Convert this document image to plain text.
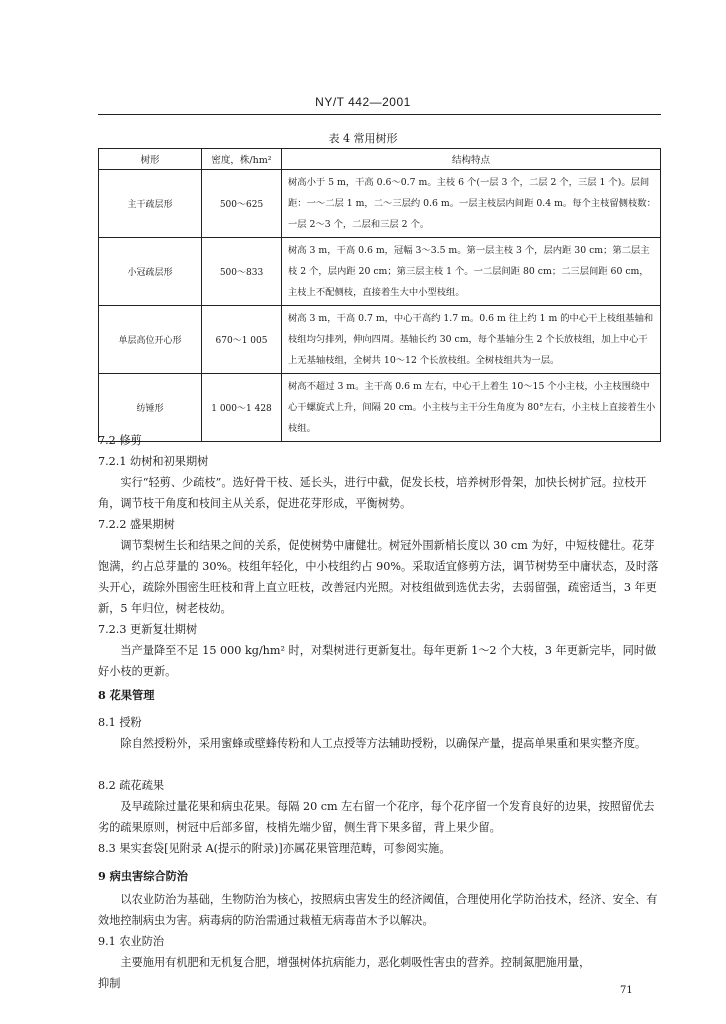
NY/T 442—2001
表 4 常用树形
树形	密度，株/hm²	结构特点
主干疏层形	500～625	树高小于 5 m，干高 0.6～0.7 m。主枝 6 个(一层 3 个，二层 2 个，三层 1 个)。层间距：一～二层 1 m，二～三层约 0.6 m。一层主枝层内间距 0.4 m。每个主枝留侧枝数：一层 2～3 个，二层和三层 2 个。
小冠疏层形	500～833	树高 3 m，干高 0.6 m，冠幅 3～3.5 m。第一层主枝 3 个，层内距 30 cm；第二层主枝 2 个，层内距 20 cm；第三层主枝 1 个。一二层间距 80 cm；二三层间距 60 cm，主枝上不配侧枝，直接着生大中小型枝组。
单层高位开心形	670～1 005	树高 3 m，干高 0.7 m，中心干高约 1.7 m。0.6 m 往上约 1 m 的中心干上枝组基轴和枝组均匀排列，伸向四周。基轴长约 30 cm，每个基轴分生 2 个长放枝组，加上中心干上无基轴枝组，全树共 10～12 个长放枝组。全树枝组共为一层。
纺锤形	1 000～1 428	树高不超过 3 m。主干高 0.6 m 左右，中心干上着生 10～15 个小主枝，小主枝围绕中心干螺旋式上升，间隔 20 cm。小主枝与主干分生角度为 80°左右，小主枝上直接着生小枝组。
7.2 修剪
7.2.1 幼树和初果期树

实行“轻剪、少疏枝”。选好骨干枝、延长头，进行中截，促发长枝，培养树形骨架，加快长树扩冠。拉枝开角，调节枝干角度和枝间主从关系，促进花芽形成，平衡树势。

7.2.2 盛果期树

调节梨树生长和结果之间的关系，促使树势中庸健壮。树冠外围新梢长度以 30 cm 为好，中短枝健壮。花芽饱满，约占总芽量的 30%。枝组年轻化，中小枝组约占 90%。采取适宜修剪方法，调节树势至中庸状态，及时落头开心，疏除外围密生旺枝和背上直立旺枝，改善冠内光照。对枝组做到选优去劣，去弱留强，疏密适当，3 年更新，5 年归位，树老枝幼。

7.2.3 更新复壮期树

当产量降至不足 15 000 kg/hm² 时，对梨树进行更新复壮。每年更新 1～2 个大枝，3 年更新完毕，同时做好小枝的更新。

8 花果管理
8.1 授粉

除自然授粉外，采用蜜蜂或壁蜂传粉和人工点授等方法辅助授粉，以确保产量，提高单果重和果实整齐度。

8.2 疏花疏果

及早疏除过量花果和病虫花果。每隔 20 cm 左右留一个花序，每个花序留一个发育良好的边果，按照留优去劣的疏果原则，树冠中后部多留，枝梢先端少留，侧生背下果多留，背上果少留。

8.3 果实套袋[见附录 A(提示的附录)]亦属花果管理范畴，可参阅实施。

9 病虫害综合防治

以农业防治为基础，生物防治为核心，按照病虫害发生的经济阈值，合理使用化学防治技术，经济、安全、有效地控制病虫为害。病毒病的防治需通过栽植无病毒苗木予以解决。

9.1 农业防治

主要施用有机肥和无机复合肥，增强树体抗病能力，恶化刺吸性害虫的营养。控制氮肥施用量，抑制

71
